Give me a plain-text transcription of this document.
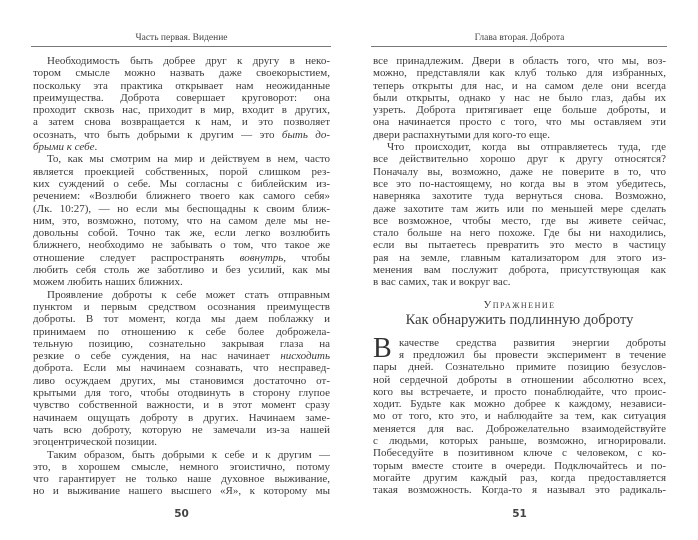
Часть первая. Видение
Необходимость быть добрее друг к другу в неко-
тором смысле можно назвать даже своекорыстием,
поскольку эта практика открывает нам неожиданные
преимущества. Доброта совершает круговорот: она
проходит сквозь нас, приходит в мир, входит в других,
а затем снова возвращается к нам, и это позволяет
осознать, что быть добрыми к другим — это быть до-
брыми к себе.
То, как мы смотрим на мир и действуем в нем, часто
является проекцией собственных, порой слишком рез-
ких суждений о себе. Мы согласны с библейским из-
речением: «Возлюби ближнего твоего как самого себя»
(Лк. 10:27), — но если мы беспощадны к своим ближ-
ним, это, возможно, потому, что на самом деле мы не-
довольны собой. Точно так же, если легко возлюбить
ближнего, необходимо не забывать о том, что такое же
отношение следует распространять вовнутрь, чтобы
любить себя столь же заботливо и без усилий, как мы
можем любить наших ближних.
Проявление доброты к себе может стать отправным
пунктом и первым средством осознания преимуществ
доброты. В тот момент, когда мы даем поблажку и
принимаем по отношению к себе более доброжела-
тельную позицию, сознательно закрывая глаза на
резкие о себе суждения, на нас начинает нисходить
доброта. Если мы начинаем сознавать, что несправед-
ливо осуждаем других, мы становимся достаточно от-
крытыми для того, чтобы отодвинуть в сторону глупое
чувство собственной важности, и в этот момент сразу
начинаем ощущать доброту в других. Начинаем заме-
чать всю доброту, которую не замечали из-за нашей
эгоцентрической позиции.
Таким образом, быть добрыми к себе и к другим —
это, в хорошем смысле, немного эгоистично, потому
что гарантирует не только наше духовное выживание,
но и выживание нашего высшего «Я», к которому мы
50
Глава вторая. Доброта
все принадлежим. Двери в область того, что мы, воз-
можно, представляли как клуб только для избранных,
теперь открыты для нас, и на самом деле они всегда
были открыты, однако у нас не было глаз, дабы их
узреть. Доброта притягивает еще больше доброты, и
она начинается просто с того, что мы оставляем эти
двери распахнутыми для кого-то еще.
Что происходит, когда вы отправляетесь туда, где
все действительно хорошо друг к другу относятся?
Поначалу вы, возможно, даже не поверите в то, что
все это по-настоящему, но когда вы в этом убедитесь,
наверняка захотите туда вернуться снова. Возможно,
даже захотите там жить или по меньшей мере сделать
все возможное, чтобы место, где вы живете сейчас,
стало больше на него похоже. Где бы ни находились,
если вы пытаетесь превратить это место в частицу
рая на земле, главным катализатором для этого из-
менения вам послужит доброта, присутствующая как
в вас самих, так и вокруг вас.
Упражнение
Как обнаружить подлинную доброту
В качестве средства развития энергии доброты
я предложил бы провести эксперимент в течение
пары дней. Сознательно примите позицию безуслов-
ной сердечной доброты в отношении абсолютно всех,
кого вы встречаете, и просто понаблюдайте, что проис-
ходит. Будьте как можно добрее к каждому, независи-
мо от того, кто это, и наблюдайте за тем, как ситуация
меняется для вас. Доброжелательно взаимодействуйте
с людьми, которых раньше, возможно, игнорировали.
Побеседуйте в позитивном ключе с человеком, с ко-
торым вместе стоите в очереди. Подключайтесь и по-
могайте другим каждый раз, когда предоставляется
такая возможность. Когда-то я называл это радикаль-
51
